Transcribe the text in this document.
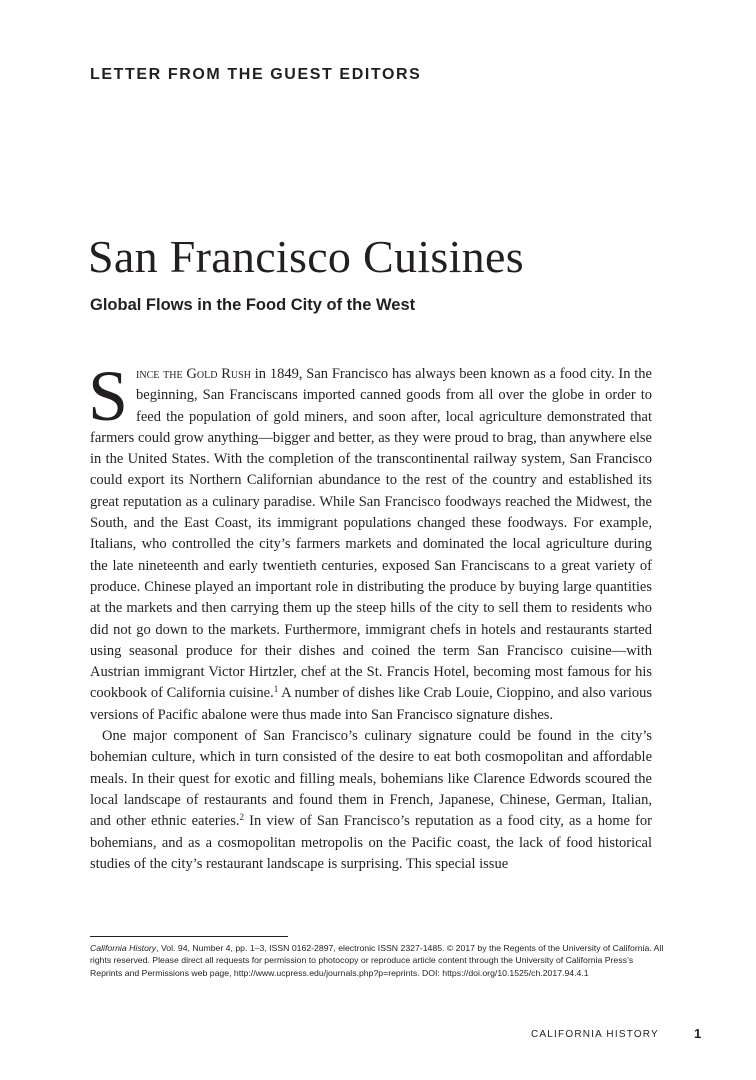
LETTER FROM THE GUEST EDITORS
San Francisco Cuisines
Global Flows in the Food City of the West

Since the Gold Rush in 1849, San Francisco has always been known as a food city. In the beginning, San Franciscans imported canned goods from all over the globe in order to feed the population of gold miners, and soon after, local agriculture demonstrated that farmers could grow anything—bigger and better, as they were proud to brag, than anywhere else in the United States. With the completion of the transcontinental railway system, San Francisco could export its Northern Californian abundance to the rest of the country and established its great reputation as a culinary paradise. While San Francisco foodways reached the Midwest, the South, and the East Coast, its immigrant populations changed these foodways. For example, Italians, who controlled the city’s farmers markets and dominated the local agriculture during the late nineteenth and early twentieth centuries, exposed San Franciscans to a great variety of produce. Chinese played an important role in distributing the produce by buying large quantities at the markets and then carrying them up the steep hills of the city to sell them to residents who did not go down to the markets. Furthermore, immigrant chefs in hotels and restaurants started using seasonal produce for their dishes and coined the term San Francisco cuisine—with Austrian immigrant Victor Hirtzler, chef at the St. Francis Hotel, becoming most famous for his cookbook of California cuisine.$^1$ A number of dishes like Crab Louie, Cioppino, and also various versions of Pacific abalone were thus made into San Francisco signature dishes.

One major component of San Francisco’s culinary signature could be found in the city’s bohemian culture, which in turn consisted of the desire to eat both cosmopolitan and affordable meals. In their quest for exotic and filling meals, bohemians like Clarence Edwords scoured the local landscape of restaurants and found them in French, Japanese, Chinese, German, Italian, and other ethnic eateries.$^2$ In view of San Francisco’s reputation as a food city, as a home for bohemians, and as a cosmopolitan metropolis on the Pacific coast, the lack of food historical studies of the city’s restaurant landscape is surprising. This special issue

California History, Vol. 94, Number 4, pp. 1–3, ISSN 0162-2897, electronic ISSN 2327-1485. © 2017 by the Regents of the University of California. All rights reserved. Please direct all requests for permission to photocopy or reproduce article content through the University of California Press’s Reprints and Permissions web page, http://www.ucpress.edu/journals.php?p=reprints. DOI: https://doi.org/10.1525/ch.2017.94.4.1

CALIFORNIA HISTORY	1
